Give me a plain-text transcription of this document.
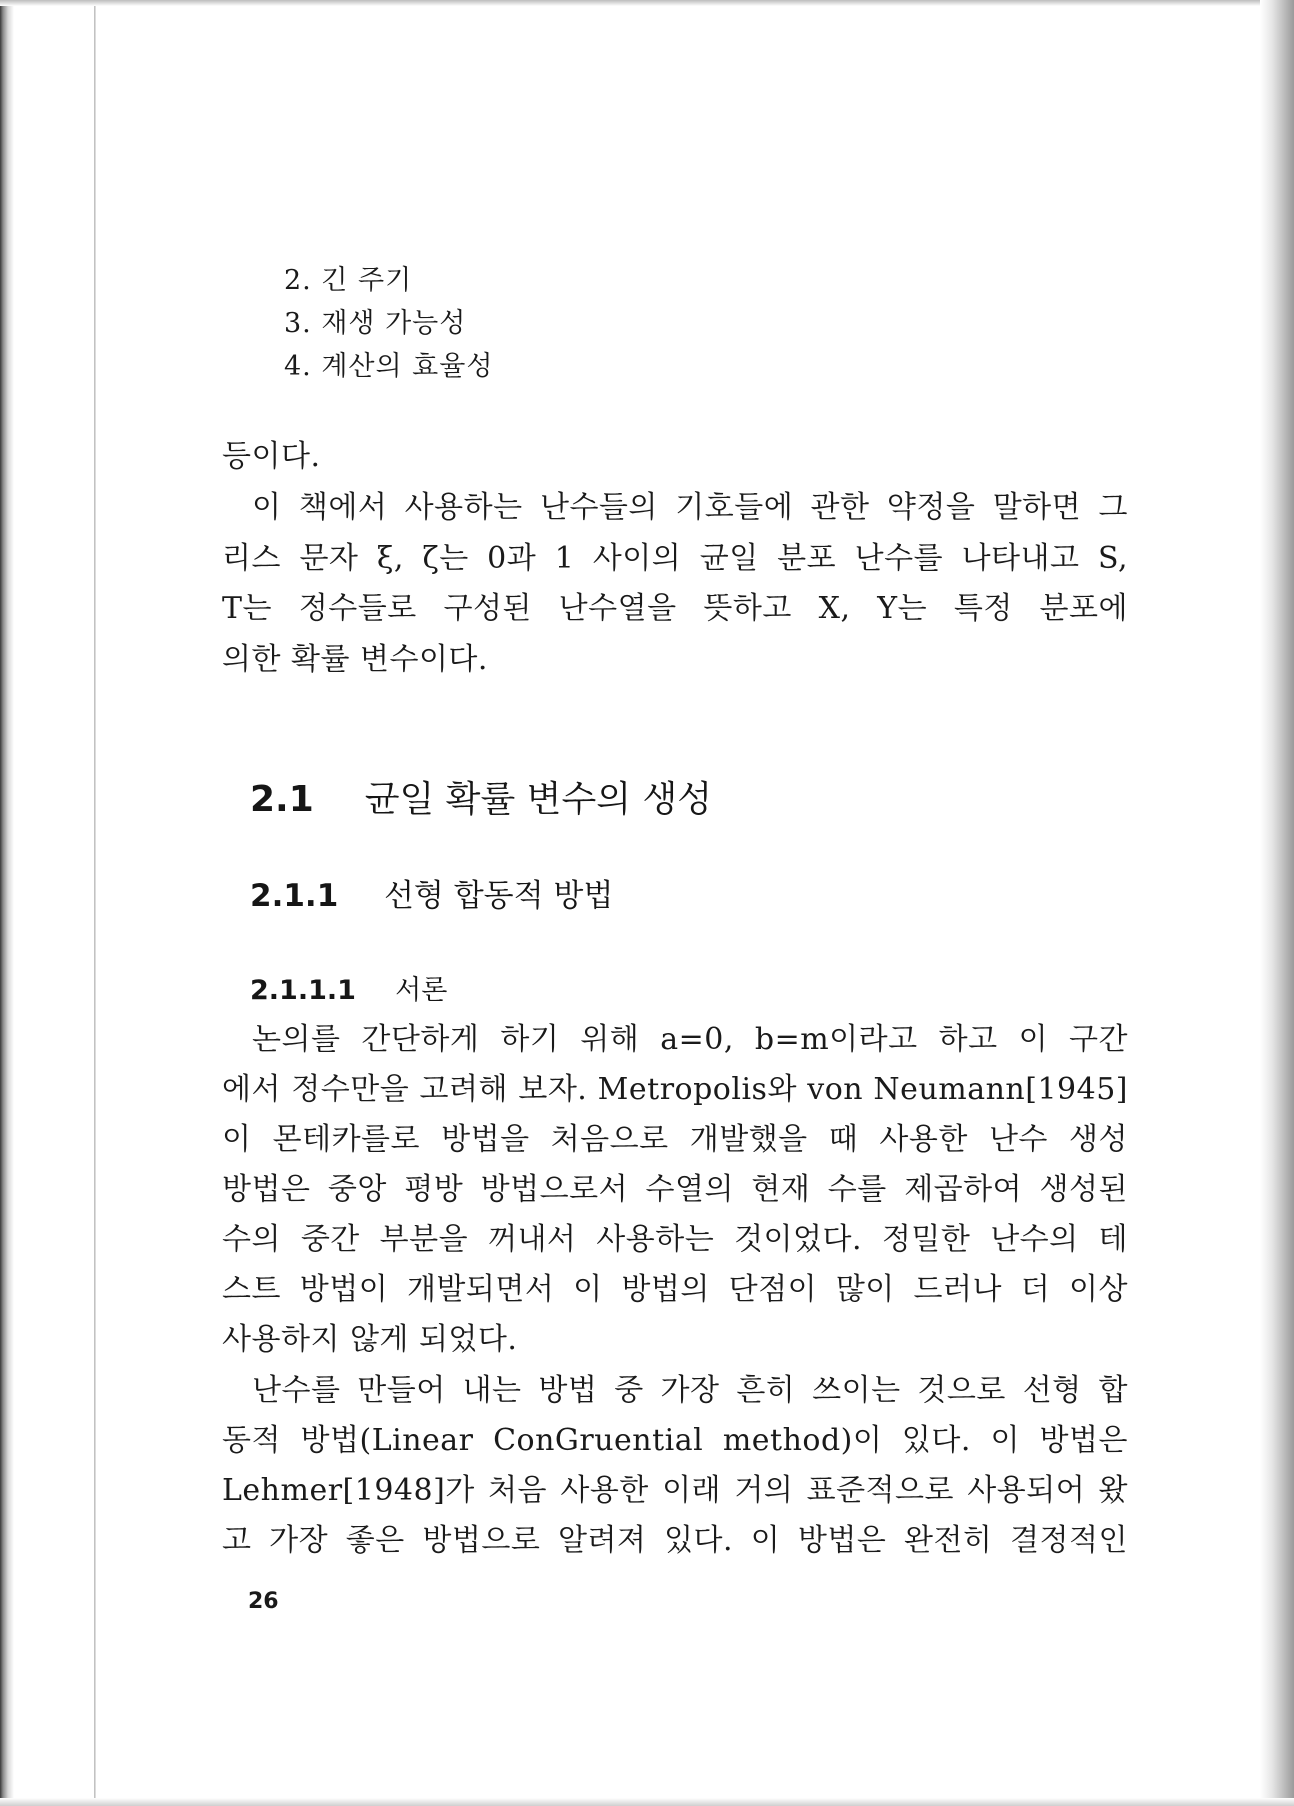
2. 긴 주기
3. 재생 가능성
4. 계산의 효율성
등이다.
이 책에서 사용하는 난수들의 기호들에 관한 약정을 말하면 그
리스 문자 ξ, ζ는 0과 1 사이의 균일 분포 난수를 나타내고 S,
T는 정수들로 구성된 난수열을 뜻하고 X, Y는 특정 분포에
의한 확률 변수이다.
2.1 균일 확률 변수의 생성
2.1.1 선형 합동적 방법
2.1.1.1 서론
논의를 간단하게 하기 위해 a=0, b=m이라고 하고 이 구간
에서 정수만을 고려해 보자. Metropolis와 von Neumann[1945]
이 몬테카를로 방법을 처음으로 개발했을 때 사용한 난수 생성
방법은 중앙 평방 방법으로서 수열의 현재 수를 제곱하여 생성된
수의 중간 부분을 꺼내서 사용하는 것이었다. 정밀한 난수의 테
스트 방법이 개발되면서 이 방법의 단점이 많이 드러나 더 이상
사용하지 않게 되었다.
난수를 만들어 내는 방법 중 가장 흔히 쓰이는 것으로 선형 합
동적 방법(Linear ConGruential method)이 있다. 이 방법은
Lehmer[1948]가 처음 사용한 이래 거의 표준적으로 사용되어 왔
고 가장 좋은 방법으로 알려져 있다. 이 방법은 완전히 결정적인
26
